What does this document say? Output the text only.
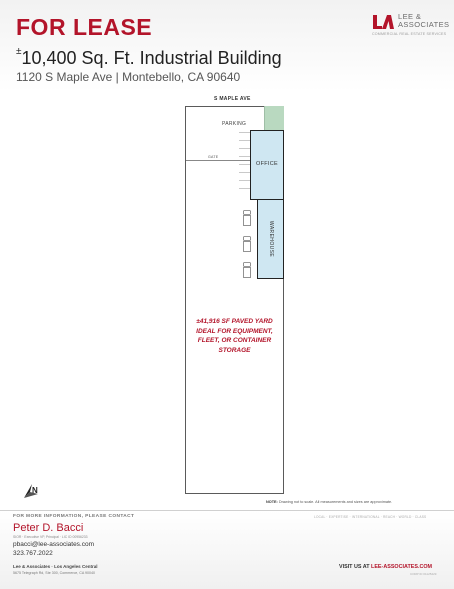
FOR LEASE	LEE &
ASSOCIATES
COMMERCIAL REAL ESTATE SERVICES
±10,400 Sq. Ft. Industrial Building
1120 S Maple Ave | Montebello, CA 90640
S MAPLE AVE
PARKING
GATE
OFFICE
WAREHOUSE
±41,916 SF PAVED YARD
IDEAL FOR EQUIPMENT,
FLEET, OR CONTAINER
STORAGE
N
NOTE: Drawing not to scale. All measurements and sizes are approximate.
FOR MORE INFORMATION, PLEASE CONTACT
Peter D. Bacci
SIOR · Executive VP, Principal · LIC ID 00956233
pbacci@lee-associates.com
323.767.2022
Lee & Associates · Los Angeles Central
5675 Telegraph Rd, Ste 300, Commerce, CA 90040
LOCAL · EXPERTISE · INTERNATIONAL · REACH · WORLD · CLASS
VISIT US AT LEE-ASSOCIATES.COM
CORP ID 01125429
